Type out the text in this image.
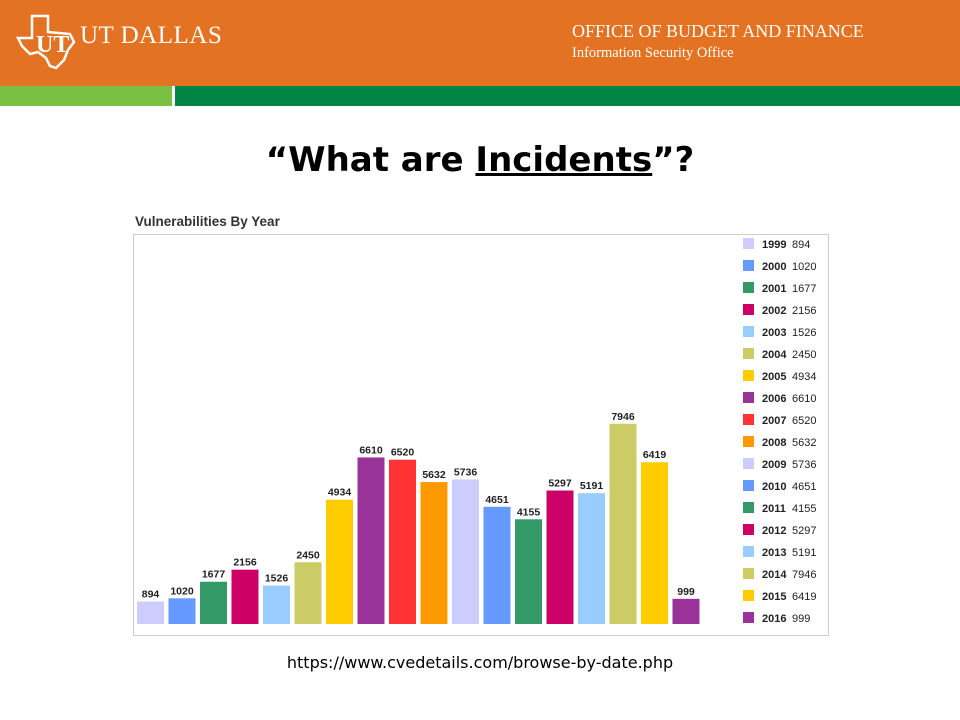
UT UT DALLAS	OFFICE OF BUDGET AND FINANCE
Information Security Office
“What are Incidents”?
Vulnerabilities By Year
894 1020
1677
2156
1526
2450
4934
6610 6520
5632 5736
4651
4155
5297 5191
7946
6419
999
1999 894
2000 1020
2001 1677
2002 2156
2003 1526
2004 2450
2005 4934
2006 6610
2007 6520
2008 5632
2009 5736
2010 4651
2011 4155
2012 5297
2013 5191
2014 7946
2015 6419
2016 999
https://www.cvedetails.com/browse-by-date.php
